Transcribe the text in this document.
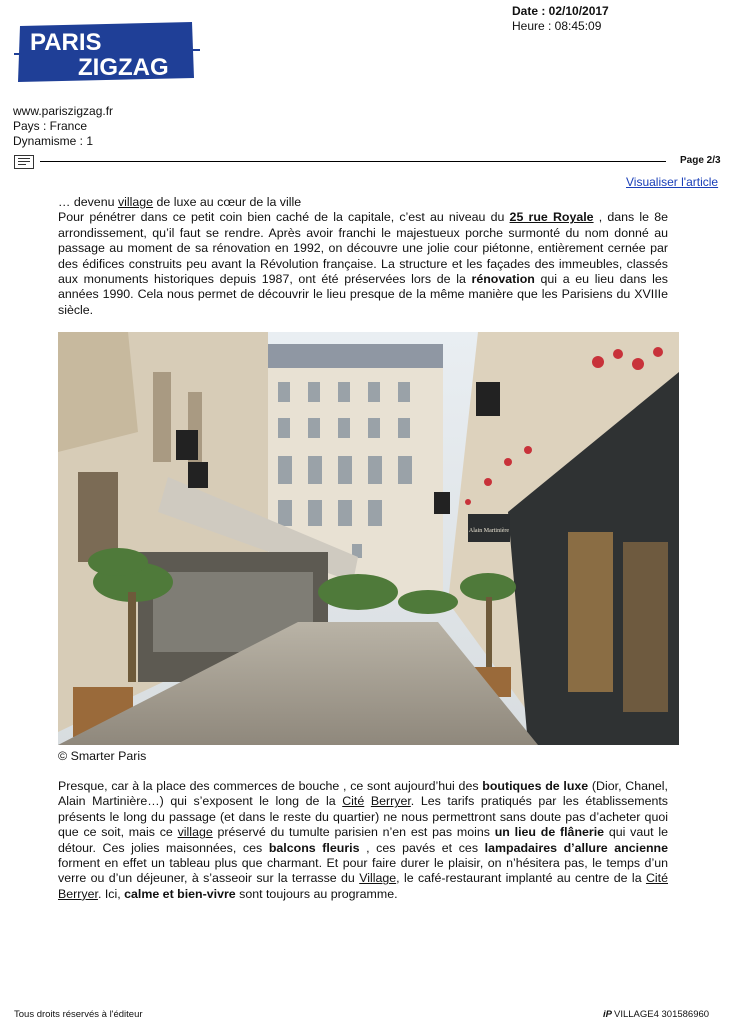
PARIS
ZIGZAG
Date : 02/10/2017
Heure : 08:45:09
www.pariszigzag.fr
Pays : France
Dynamisme : 1
Page 2/3
Visualiser l'article
… devenu village de luxe au cœur de la ville
Pour pénétrer dans ce petit coin bien caché de la capitale, c’est au niveau du 25 rue Royale , dans le 8e arrondissement, qu’il faut se rendre. Après avoir franchi le majestueux porche surmonté du nom donné au passage au moment de sa rénovation en 1992, on découvre une jolie cour piétonne, entièrement cernée par des édifices construits peu avant la Révolution française. La structure et les façades des immeubles, classés aux monuments historiques depuis 1987, ont été préservées lors de la rénovation qui a eu lieu dans les années 1990. Cela nous permet de découvrir le lieu presque de la même manière que les Parisiens du XVIIIe siècle.
Alain Martinière
© Smarter Paris
Presque, car à la place des commerces de bouche , ce sont aujourd’hui des boutiques de luxe (Dior, Chanel, Alain Martinière…) qui s’exposent le long de la Cité Berryer. Les tarifs pratiqués par les établissements présents le long du passage (et dans le reste du quartier) ne nous permettront sans doute pas d’acheter quoi que ce soit, mais ce village préservé du tumulte parisien n’en est pas moins un lieu de flânerie qui vaut le détour. Ces jolies maisonnées, ces balcons fleuris , ces pavés et ces lampadaires d’allure ancienne forment en effet un tableau plus que charmant. Et pour faire durer le plaisir, on n’hésitera pas, le temps d’un verre ou d’un déjeuner, à s’asseoir sur la terrasse du Village, le café-restaurant implanté au centre de la Cité Berryer. Ici, calme et bien-vivre sont toujours au programme.
Tous droits réservés à l'éditeur	iP VILLAGE4 301586960
